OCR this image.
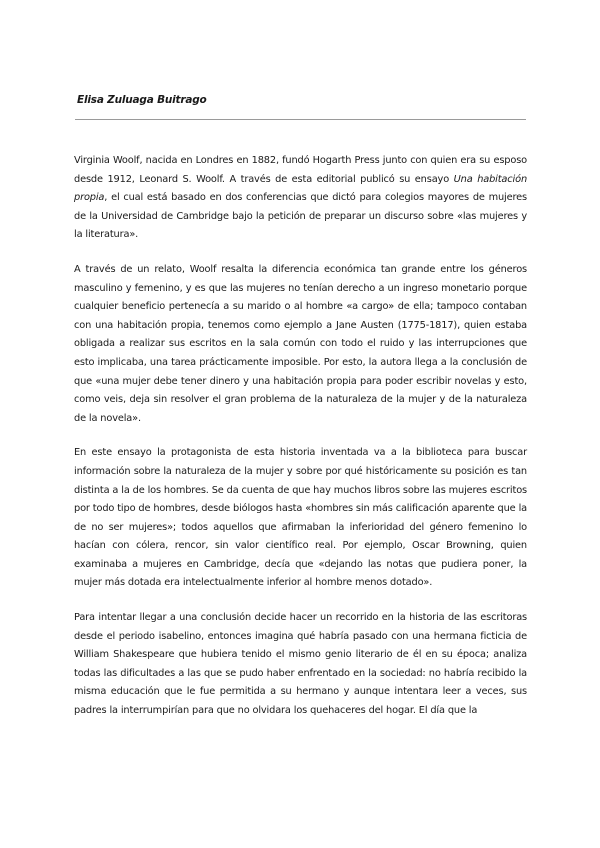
Elisa Zuluaga Buitrago

Virginia Woolf, nacida en Londres en 1882, fundó Hogarth Press junto con quien era su esposo desde 1912, Leonard S. Woolf. A través de esta editorial publicó su ensayo Una habitación propia, el cual está basado en dos conferencias que dictó para colegios mayores de mujeres de la Universidad de Cambridge bajo la petición de preparar un discurso sobre «las mujeres y la literatura».

A través de un relato, Woolf resalta la diferencia económica tan grande entre los géneros masculino y femenino, y es que las mujeres no tenían derecho a un ingreso monetario porque cualquier beneficio pertenecía a su marido o al hombre «a cargo» de ella; tampoco contaban con una habitación propia, tenemos como ejemplo a Jane Austen (1775-1817), quien estaba obligada a realizar sus escritos en la sala común con todo el ruido y las interrupciones que esto implicaba, una tarea prácticamente imposible. Por esto, la autora llega a la conclusión de que «una mujer debe tener dinero y una habitación propia para poder escribir novelas y esto, como veis, deja sin resolver el gran problema de la naturaleza de la mujer y de la naturaleza de la novela».

En este ensayo la protagonista de esta historia inventada va a la biblioteca para buscar información sobre la naturaleza de la mujer y sobre por qué históricamente su posición es tan distinta a la de los hombres. Se da cuenta de que hay muchos libros sobre las mujeres escritos por todo tipo de hombres, desde biólogos hasta «hombres sin más calificación aparente que la de no ser mujeres»; todos aquellos que afirmaban la inferioridad del género femenino lo hacían con cólera, rencor, sin valor científico real. Por ejemplo, Oscar Browning, quien examinaba a mujeres en Cambridge, decía que «dejando las notas que pudiera poner, la mujer más dotada era intelectualmente inferior al hombre menos dotado».

Para intentar llegar a una conclusión decide hacer un recorrido en la historia de las escritoras desde el periodo isabelino, entonces imagina qué habría pasado con una hermana ficticia de William Shakespeare que hubiera tenido el mismo genio literario de él en su época; analiza todas las dificultades a las que se pudo haber enfrentado en la sociedad: no habría recibido la misma educación que le fue permitida a su hermano y aunque intentara leer a veces, sus padres la interrumpirían para que no olvidara los quehaceres del hogar. El día que la
